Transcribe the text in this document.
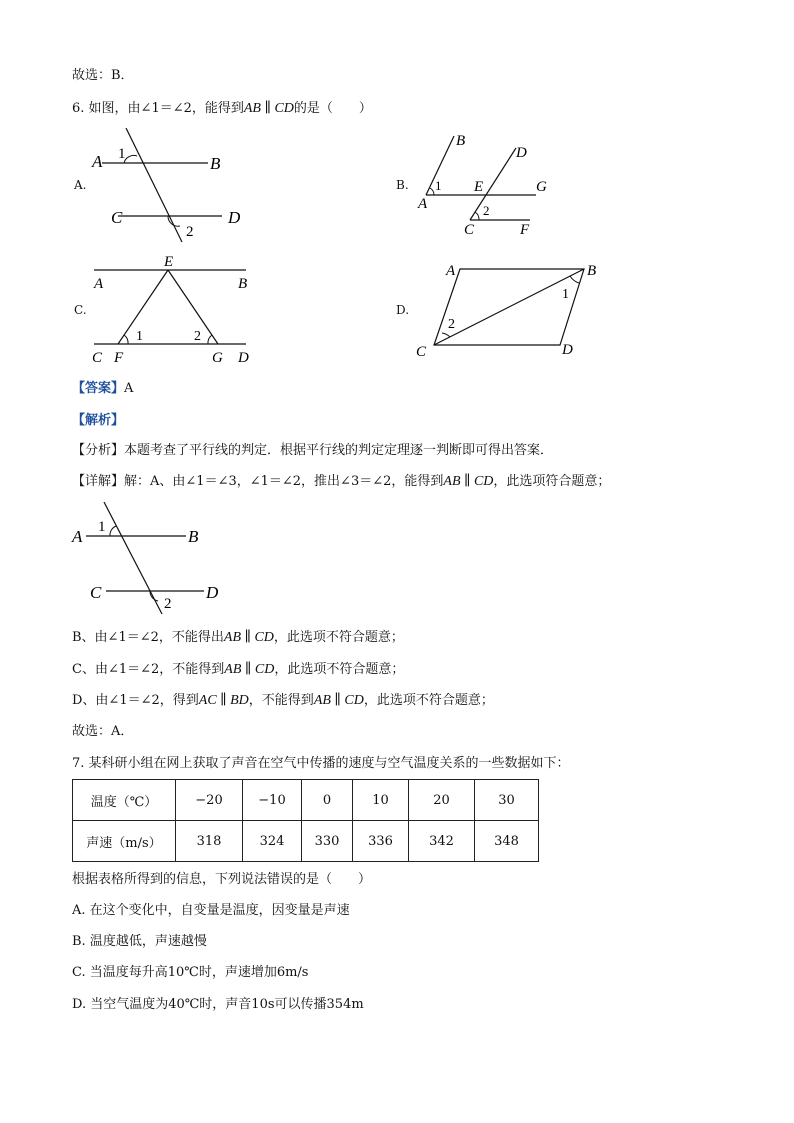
故选：B．
6. 如图，由∠1＝∠2，能得到AB ∥ CD的是（　　）
A.
A	B
C	D
1
2
B.
B
D
A
E	G
C	F
1
2
C.
E
A	B
C F	G D
1	2
D.
A	B
C	D
1
2
【答案】A
【解析】
【分析】本题考查了平行线的判定．根据平行线的判定定理逐一判断即可得出答案．
【详解】解：A、由∠1＝∠3，∠1＝∠2，推出∠3＝∠2，能得到AB ∥ CD，此选项符合题意；
A	B
C	D
1
2
B、由∠1＝∠2，不能得出AB ∥ CD，此选项不符合题意；
C、由∠1＝∠2，不能得到AB ∥ CD，此选项不符合题意；
D、由∠1＝∠2，得到AC ∥ BD，不能得到AB ∥ CD，此选项不符合题意；
故选：A．
7. 某科研小组在网上获取了声音在空气中传播的速度与空气温度关系的一些数据如下：
温度（℃）	−20	−10	0	10	20	30
声速（m/s）	318	324	330	336	342	348
根据表格所得到的信息，下列说法错误的是（　　）
A. 在这个变化中，自变量是温度，因变量是声速
B. 温度越低，声速越慢
C. 当温度每升高10℃时，声速增加6m/s
D. 当空气温度为40℃时，声音10s可以传播354m
